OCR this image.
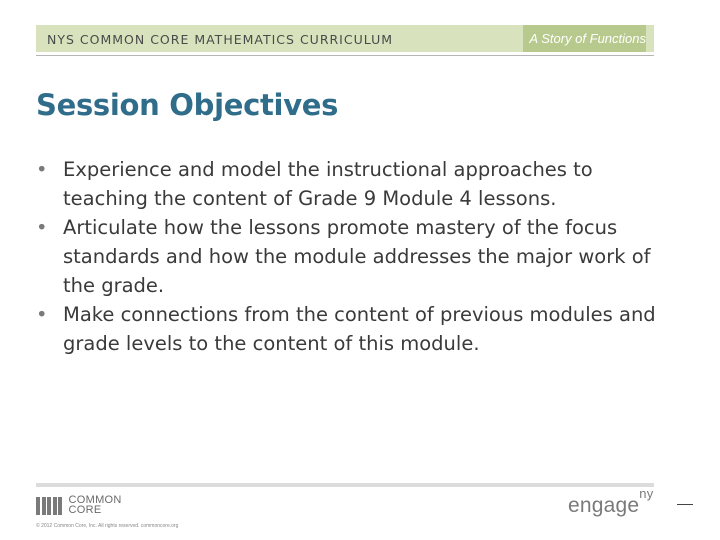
NYS COMMON CORE MATHEMATICS CURRICULUM	A Story of Functions
Session Objectives
• Experience and model the instructional approaches to teaching the content of Grade 9 Module 4 lessons.
• Articulate how the lessons promote mastery of the focus standards and how the module addresses the major work of the grade.
• Make connections from the content of previous modules and grade levels to the content of this module.
COMMON
CORE
© 2012 Common Core, Inc. All rights reserved. commoncore.org
engage$^{ny}$
